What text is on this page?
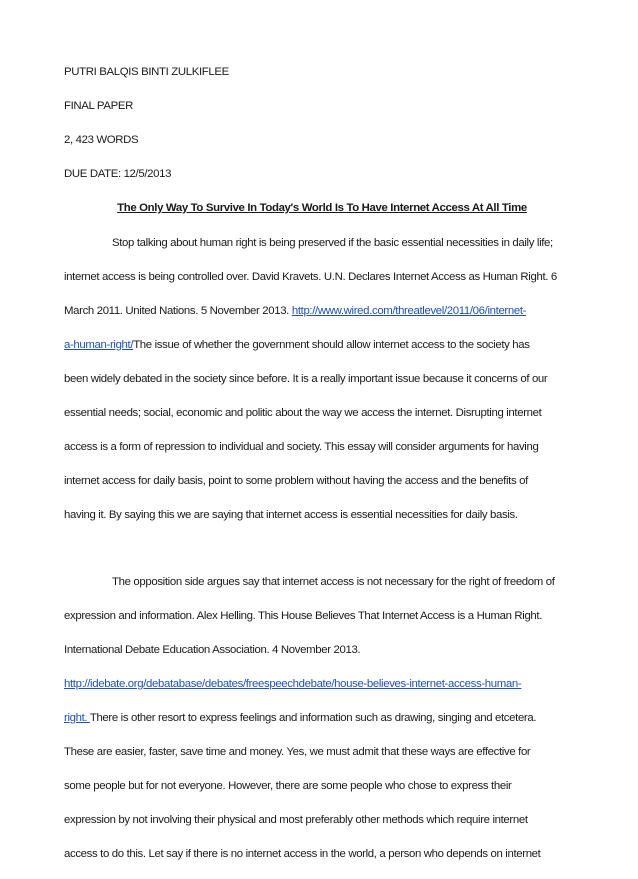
PUTRI BALQIS BINTI ZULKIFLEE
FINAL PAPER
2, 423 WORDS
DUE DATE: 12/5/2013
The Only Way To Survive In Today's World Is To Have Internet Access At All Time
Stop talking about human right is being preserved if the basic essential necessities in daily life;
internet access is being controlled over. David Kravets. U.N. Declares Internet Access as Human Right. 6
March 2011. United Nations. 5 November 2013. http://www.wired.com/threatlevel/2011/06/internet-
a-human-right/The issue of whether the government should allow internet access to the society has
been widely debated in the society since before. It is a really important issue because it concerns of our
essential needs; social, economic and politic about the way we access the internet. Disrupting internet
access is a form of repression to individual and society. This essay will consider arguments for having
internet access for daily basis, point to some problem without having the access and the benefits of
having it. By saying this we are saying that internet access is essential necessities for daily basis.
The opposition side argues say that internet access is not necessary for the right of freedom of
expression and information. Alex Helling. This House Believes That Internet Access is a Human Right.
International Debate Education Association. 4 November 2013.
http://idebate.org/debatabase/debates/freespeechdebate/house-believes-internet-access-human-
right. There is other resort to express feelings and information such as drawing, singing and etcetera.
These are easier, faster, save time and money. Yes, we must admit that these ways are effective for
some people but for not everyone. However, there are some people who chose to express their
expression by not involving their physical and most preferably other methods which require internet
access to do this. Let say if there is no internet access in the world, a person who depends on internet
